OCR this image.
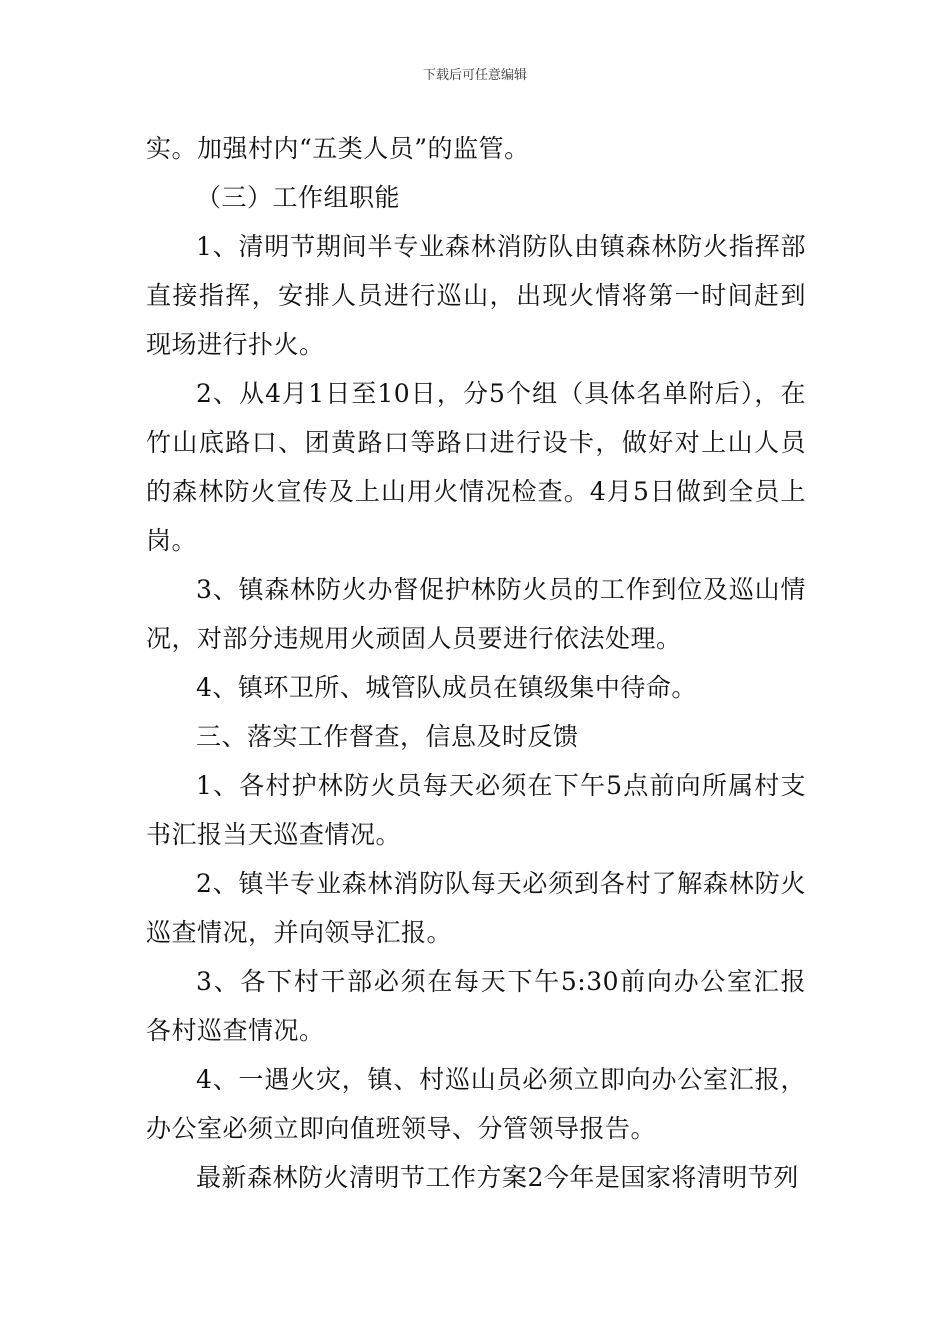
下载后可任意编辑

实。加强村内“五类人员”的监管。

（三）工作组职能

1、清明节期间半专业森林消防队由镇森林防火指挥部直接指挥，安排人员进行巡山，出现火情将第一时间赶到现场进行扑火。

2、从4月1日至10日，分5个组（具体名单附后），在竹山底路口、团黄路口等路口进行设卡，做好对上山人员的森林防火宣传及上山用火情况检查。4月5日做到全员上岗。

3、镇森林防火办督促护林防火员的工作到位及巡山情况，对部分违规用火顽固人员要进行依法处理。

4、镇环卫所、城管队成员在镇级集中待命。

三、落实工作督查，信息及时反馈

1、各村护林防火员每天必须在下午5点前向所属村支书汇报当天巡查情况。

2、镇半专业森林消防队每天必须到各村了解森林防火巡查情况，并向领导汇报。

3、各下村干部必须在每天下午5:30前向办公室汇报各村巡查情况。

4、一遇火灾，镇、村巡山员必须立即向办公室汇报，办公室必须立即向值班领导、分管领导报告。

最新森林防火清明节工作方案2今年是国家将清明节列
